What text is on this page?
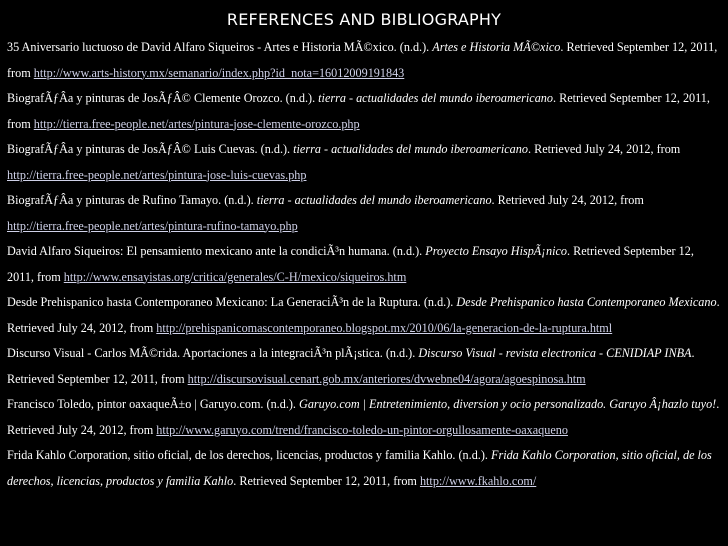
REFERENCES AND BIBLIOGRAPHY
35 Aniversario luctuoso de David Alfaro Siqueiros - Artes e Historia MÃ©xico. (n.d.). Artes e Historia MÃ©xico. Retrieved September 12, 2011,
from http://www.arts-history.mx/semanario/index.php?id_nota=16012009191843
BiografÃƒÂa y pinturas de JosÃƒÂ© Clemente Orozco. (n.d.). tierra - actualidades del mundo iberoamericano. Retrieved September 12, 2011,
from http://tierra.free-people.net/artes/pintura-jose-clemente-orozco.php
BiografÃƒÂa y pinturas de JosÃƒÂ© Luis Cuevas. (n.d.). tierra - actualidades del mundo iberoamericano. Retrieved July 24, 2012, from
http://tierra.free-people.net/artes/pintura-jose-luis-cuevas.php
BiografÃƒÂa y pinturas de Rufino Tamayo. (n.d.). tierra - actualidades del mundo iberoamericano. Retrieved July 24, 2012, from
http://tierra.free-people.net/artes/pintura-rufino-tamayo.php
David Alfaro Siqueiros: El pensamiento mexicano ante la condiciÃ³n humana. (n.d.). Proyecto Ensayo HispÃ¡nico. Retrieved September 12,
2011, from http://www.ensayistas.org/critica/generales/C-H/mexico/siqueiros.htm
Desde Prehispanico hasta Contemporaneo Mexicano: La GeneraciÃ³n de la Ruptura. (n.d.). Desde Prehispanico hasta Contemporaneo Mexicano.
Retrieved July 24, 2012, from http://prehispanicomascontemporaneo.blogspot.mx/2010/06/la-generacion-de-la-ruptura.html
Discurso Visual - Carlos MÃ©rida. Aportaciones a la integraciÃ³n plÃ¡stica. (n.d.). Discurso Visual - revista electronica - CENIDIAP INBA.
Retrieved September 12, 2011, from http://discursovisual.cenart.gob.mx/anteriores/dvwebne04/agora/agoespinosa.htm
Francisco Toledo, pintor oaxaqueÃ±o | Garuyo.com. (n.d.). Garuyo.com | Entretenimiento, diversion y ocio personalizado. Garuyo Â¡hazlo tuyo!.
Retrieved July 24, 2012, from http://www.garuyo.com/trend/francisco-toledo-un-pintor-orgullosamente-oaxaqueno
Frida Kahlo Corporation, sitio oficial, de los derechos, licencias, productos y familia Kahlo. (n.d.). Frida Kahlo Corporation, sitio oficial, de los
derechos, licencias, productos y familia Kahlo. Retrieved September 12, 2011, from http://www.fkahlo.com/
